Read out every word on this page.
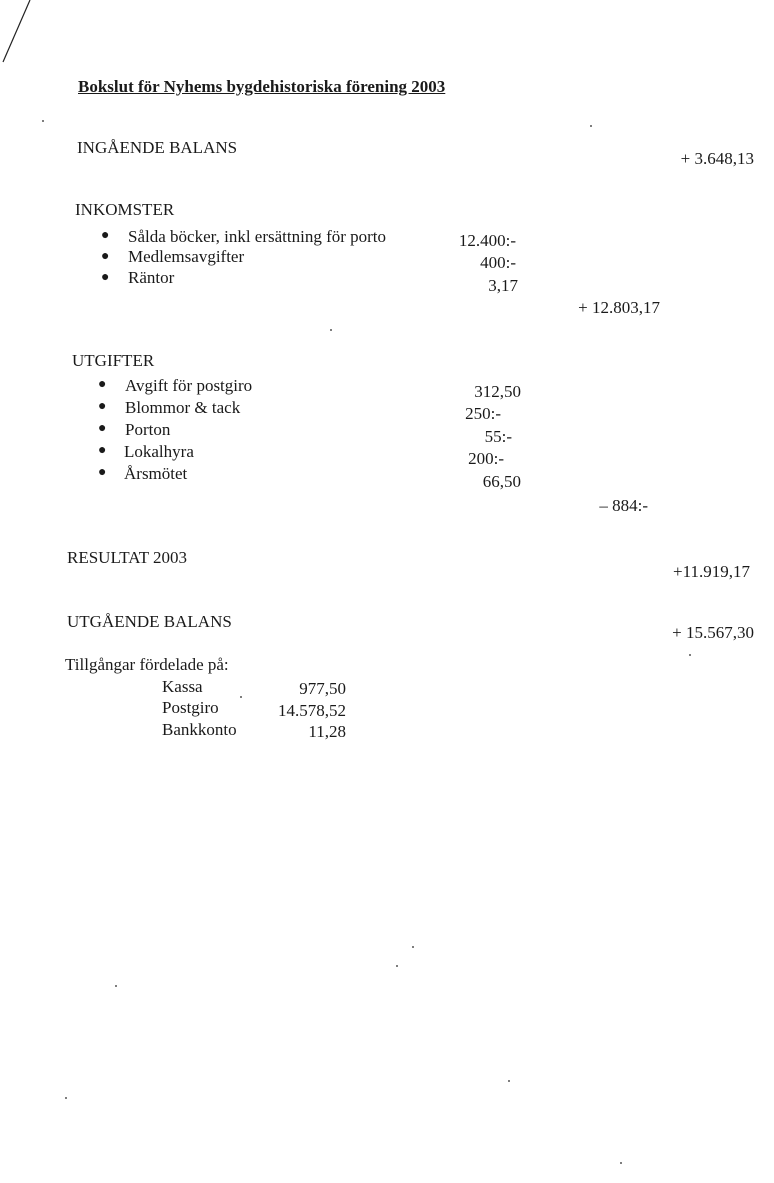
Bokslut för Nyhems bygdehistoriska förening 2003
INGÅENDE BALANS
+ 3.648,13
INKOMSTER
● Sålda böcker, inkl ersättning för porto	12.400:-
● Medlemsavgifter	400:-
● Räntor	3,17
+ 12.803,17
UTGIFTER
● Avgift för postgiro	312,50
● Blommor & tack	250:-
● Porton	55:-
● Lokalhyra	200:-
● Årsmötet	66,50
– 884:-
RESULTAT 2003
+11.919,17
UTGÅENDE BALANS
+ 15.567,30
Tillgångar fördelade på:
Kassa	977,50
Postgiro	14.578,52
Bankkonto	11,28
